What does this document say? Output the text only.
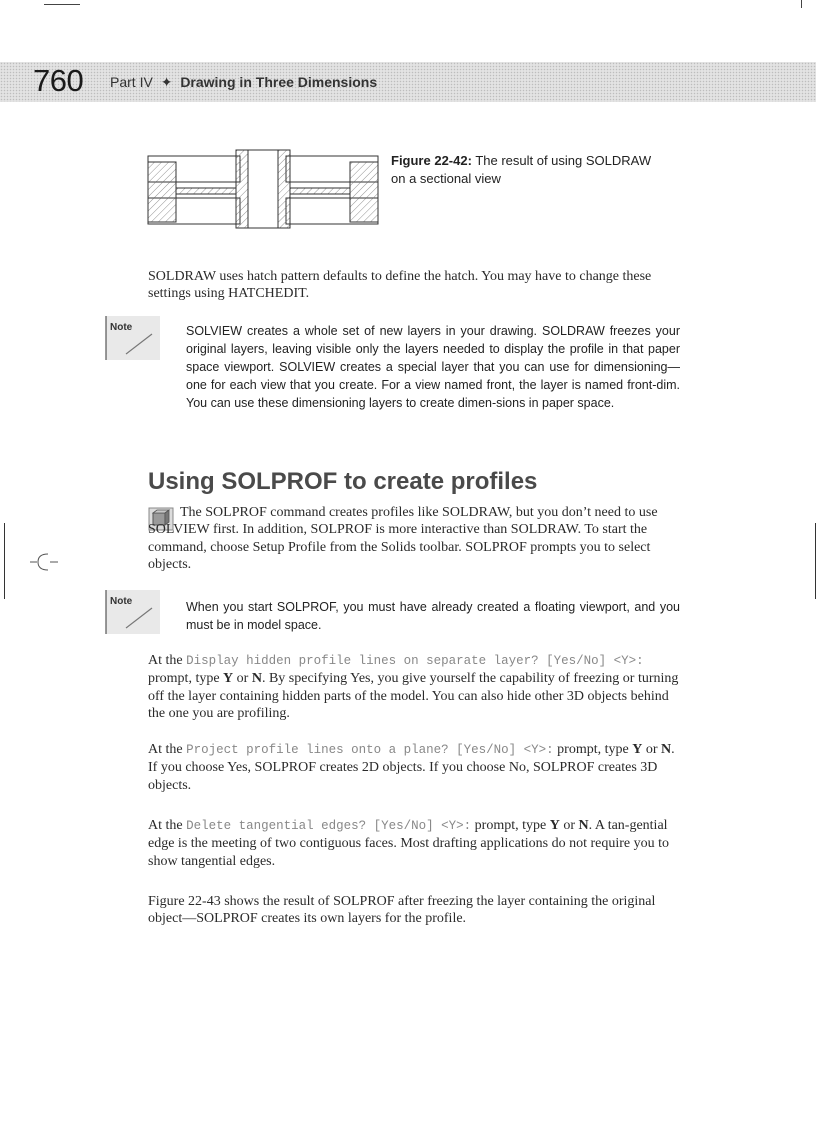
760 Part IV ✦ Drawing in Three Dimensions
Figure 22-42: The result of using SOLDRAW
on a sectional view

SOLDRAW uses hatch pattern defaults to define the hatch. You may have to change these settings using HATCHEDIT.

Note	SOLVIEW creates a whole set of new layers in your drawing. SOLDRAW freezes your original layers, leaving visible only the layers needed to display the profile in that paper space viewport. SOLVIEW creates a special layer that you can use for dimensioning—one for each view that you create. For a view named front, the layer is named front-dim. You can use these dimensioning layers to create dimen-sions in paper space.
Using SOLPROF to create profiles

The SOLPROF command creates profiles like SOLDRAW, but you don’t need to use SOLVIEW first. In addition, SOLPROF is more interactive than SOLDRAW. To start the command, choose Setup Profile from the Solids toolbar. SOLPROF prompts you to select objects.

Note	When you start SOLPROF, you must have already created a floating viewport, and you must be in model space.

At the Display hidden profile lines on separate layer? [Yes/No] <Y>: prompt, type Y or N. By specifying Yes, you give yourself the capability of freezing or turning off the layer containing hidden parts of the model. You can also hide other 3D objects behind the one you are profiling.

At the Project profile lines onto a plane? [Yes/No] <Y>: prompt, type Y or N. If you choose Yes, SOLPROF creates 2D objects. If you choose No, SOLPROF creates 3D objects.

At the Delete tangential edges? [Yes/No] <Y>: prompt, type Y or N. A tan-gential edge is the meeting of two contiguous faces. Most drafting applications do not require you to show tangential edges.

Figure 22-43 shows the result of SOLPROF after freezing the layer containing the original object—SOLPROF creates its own layers for the profile.
